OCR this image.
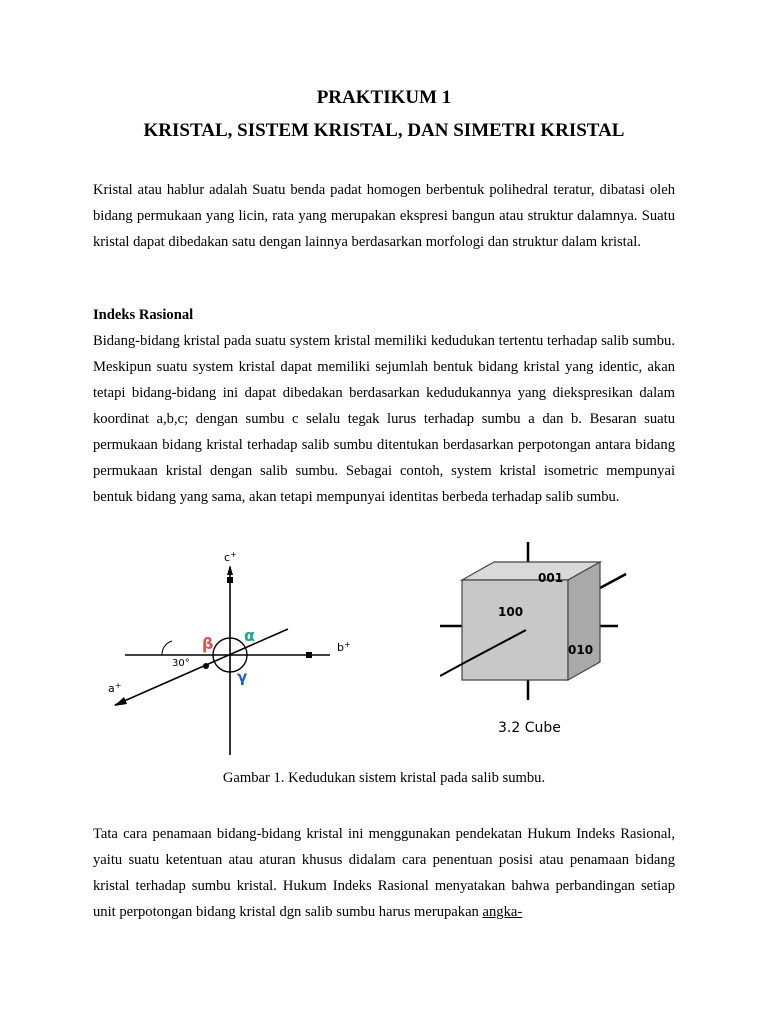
PRAKTIKUM 1
KRISTAL, SISTEM KRISTAL, DAN SIMETRI KRISTAL

Kristal atau hablur adalah Suatu benda padat homogen berbentuk polihedral teratur, dibatasi oleh bidang permukaan yang licin, rata yang merupakan ekspresi bangun atau struktur dalamnya. Suatu kristal dapat dibedakan satu dengan lainnya berdasarkan morfologi dan struktur dalam kristal.

Indeks Rasional

Bidang-bidang kristal pada suatu system kristal memiliki kedudukan tertentu terhadap salib sumbu. Meskipun suatu system kristal dapat memiliki sejumlah bentuk bidang kristal yang identic, akan tetapi bidang-bidang ini dapat dibedakan berdasarkan kedudukannya yang diekspresikan dalam koordinat a,b,c; dengan sumbu c selalu tegak lurus terhadap sumbu a dan b. Besaran suatu permukaan bidang kristal terhadap salib sumbu ditentukan berdasarkan perpotongan antara bidang permukaan kristal dengan salib sumbu. Sebagai contoh, system kristal isometric mempunyai bentuk bidang yang sama, akan tetapi mempunyai identitas berbeda terhadap salib sumbu.

c+
b+
a+
30°
β α
γ
001
100
010
3.2 Cube
Gambar 1. Kedudukan sistem kristal pada salib sumbu.

Tata cara penamaan bidang-bidang kristal ini menggunakan pendekatan Hukum Indeks Rasional, yaitu suatu ketentuan atau aturan khusus didalam cara penentuan posisi atau penamaan bidang kristal terhadap sumbu kristal. Hukum Indeks Rasional menyatakan bahwa perbandingan setiap unit perpotongan bidang kristal dgn salib sumbu harus merupakan angka-
